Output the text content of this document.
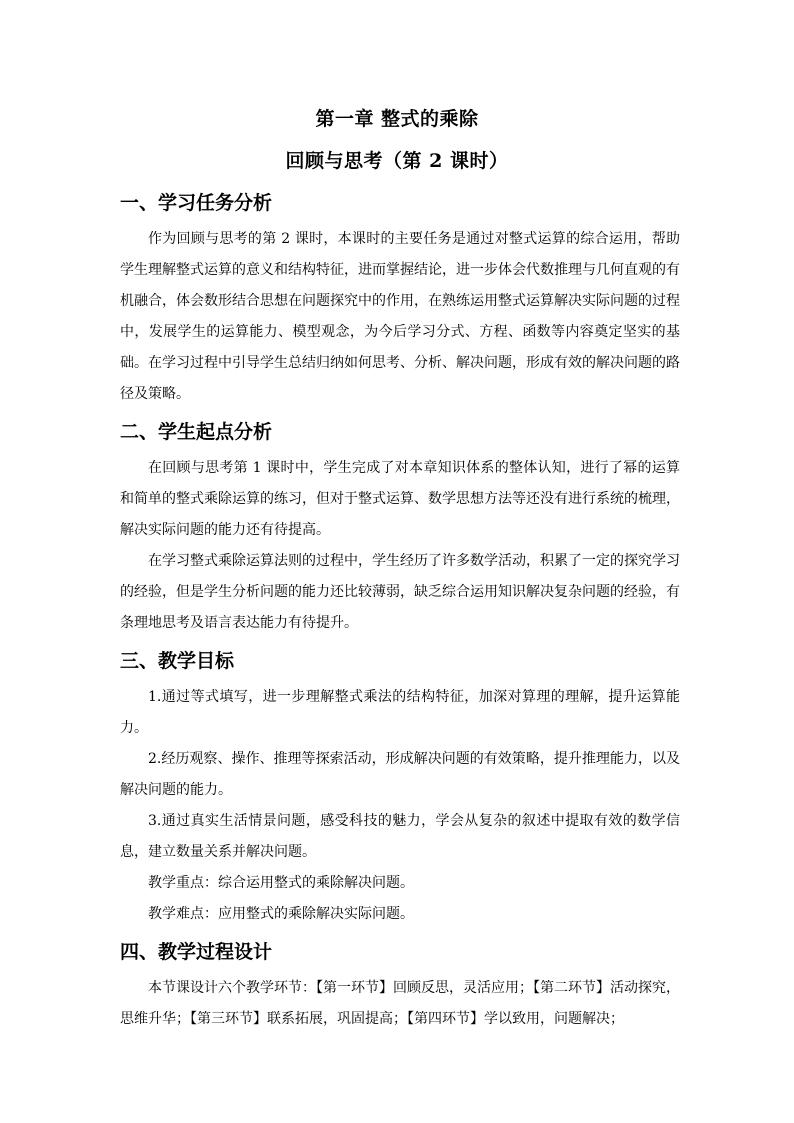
第一章 整式的乘除
回顾与思考（第 2 课时）
一、学习任务分析
作为回顾与思考的第 2 课时，本课时的主要任务是通过对整式运算的综合运用，帮助学生理解整式运算的意义和结构特征，进而掌握结论，进一步体会代数推理与几何直观的有机融合，体会数形结合思想在问题探究中的作用，在熟练运用整式运算解决实际问题的过程中，发展学生的运算能力、模型观念，为今后学习分式、方程、函数等内容奠定坚实的基础。在学习过程中引导学生总结归纳如何思考、分析、解决问题，形成有效的解决问题的路径及策略。
二、学生起点分析
在回顾与思考第 1 课时中，学生完成了对本章知识体系的整体认知，进行了幂的运算和简单的整式乘除运算的练习，但对于整式运算、数学思想方法等还没有进行系统的梳理，解决实际问题的能力还有待提高。
在学习整式乘除运算法则的过程中，学生经历了许多数学活动，积累了一定的探究学习的经验，但是学生分析问题的能力还比较薄弱，缺乏综合运用知识解决复杂问题的经验，有条理地思考及语言表达能力有待提升。
三、教学目标
1.通过等式填写，进一步理解整式乘法的结构特征，加深对算理的理解，提升运算能力。
2.经历观察、操作、推理等探索活动，形成解决问题的有效策略，提升推理能力，以及解决问题的能力。
3.通过真实生活情景问题，感受科技的魅力，学会从复杂的叙述中提取有效的数学信息，建立数量关系并解决问题。
教学重点：综合运用整式的乘除解决问题。
教学难点：应用整式的乘除解决实际问题。
四、教学过程设计
本节课设计六个教学环节：【第一环节】回顾反思，灵活应用；【第二环节】活动探究，思维升华；【第三环节】联系拓展，巩固提高；【第四环节】学以致用，问题解决；
